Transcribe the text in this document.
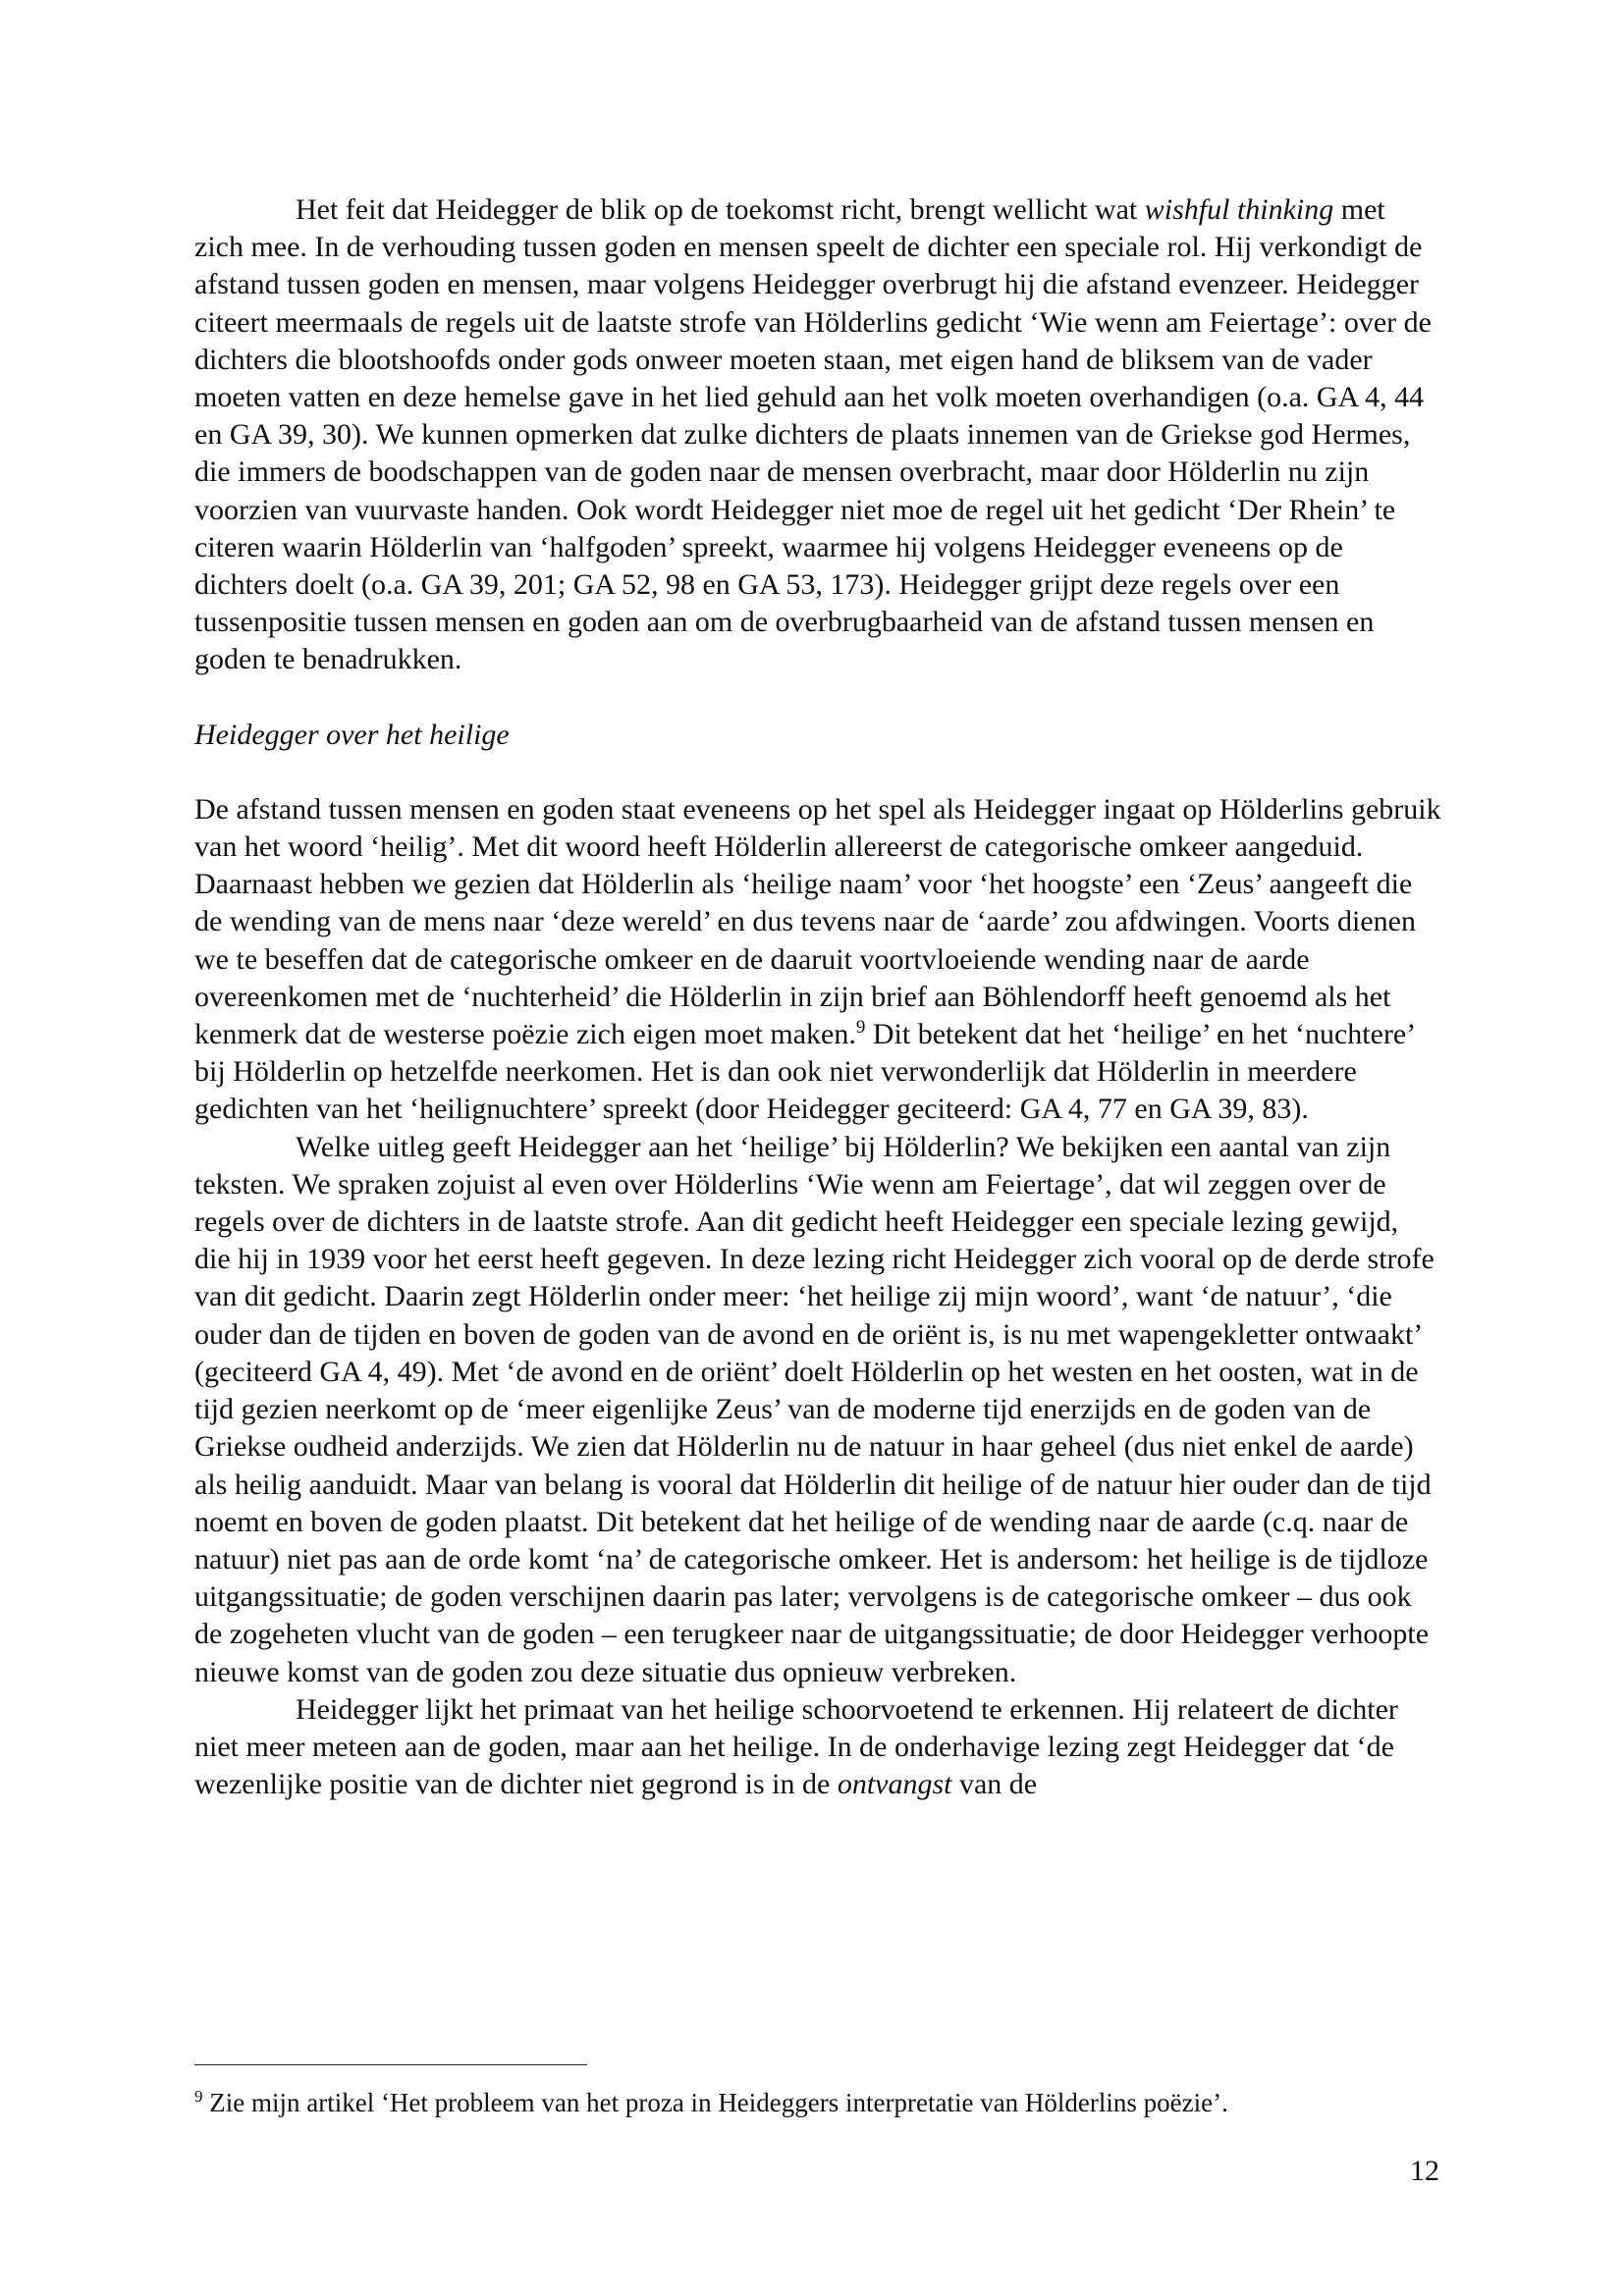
Het feit dat Heidegger de blik op de toekomst richt, brengt wellicht wat wishful thinking met zich mee. In de verhouding tussen goden en mensen speelt de dichter een speciale rol. Hij verkondigt de afstand tussen goden en mensen, maar volgens Heidegger overbrugt hij die afstand evenzeer. Heidegger citeert meermaals de regels uit de laatste strofe van Hölderlins gedicht ‘Wie wenn am Feiertage’: over de dichters die blootshoofds onder gods onweer moeten staan, met eigen hand de bliksem van de vader moeten vatten en deze hemelse gave in het lied gehuld aan het volk moeten overhandigen (o.a. GA 4, 44 en GA 39, 30). We kunnen opmerken dat zulke dichters de plaats innemen van de Griekse god Hermes, die immers de boodschappen van de goden naar de mensen overbracht, maar door Hölderlin nu zijn voorzien van vuurvaste handen. Ook wordt Heidegger niet moe de regel uit het gedicht ‘Der Rhein’ te citeren waarin Hölderlin van ‘halfgoden’ spreekt, waarmee hij volgens Heidegger eveneens op de dichters doelt (o.a. GA 39, 201; GA 52, 98 en GA 53, 173). Heidegger grijpt deze regels over een tussenpositie tussen mensen en goden aan om de overbrugbaarheid van de afstand tussen mensen en goden te benadrukken.

Heidegger over het heilige

De afstand tussen mensen en goden staat eveneens op het spel als Heidegger ingaat op Hölderlins gebruik van het woord ‘heilig’. Met dit woord heeft Hölderlin allereerst de categorische omkeer aangeduid. Daarnaast hebben we gezien dat Hölderlin als ‘heilige naam’ voor ‘het hoogste’ een ‘Zeus’ aangeeft die de wending van de mens naar ‘deze wereld’ en dus tevens naar de ‘aarde’ zou afdwingen. Voorts dienen we te beseffen dat de categorische omkeer en de daaruit voortvloeiende wending naar de aarde overeenkomen met de ‘nuchterheid’ die Hölderlin in zijn brief aan Böhlendorff heeft genoemd als het kenmerk dat de westerse poëzie zich eigen moet maken.$^9$ Dit betekent dat het ‘heilige’ en het ‘nuchtere’ bij Hölderlin op hetzelfde neerkomen. Het is dan ook niet verwonderlijk dat Hölderlin in meerdere gedichten van het ‘heilignuchtere’ spreekt (door Heidegger geciteerd: GA 4, 77 en GA 39, 83).

Welke uitleg geeft Heidegger aan het ‘heilige’ bij Hölderlin? We bekijken een aantal van zijn teksten. We spraken zojuist al even over Hölderlins ‘Wie wenn am Feiertage’, dat wil zeggen over de regels over de dichters in de laatste strofe. Aan dit gedicht heeft Heidegger een speciale lezing gewijd, die hij in 1939 voor het eerst heeft gegeven. In deze lezing richt Heidegger zich vooral op de derde strofe van dit gedicht. Daarin zegt Hölderlin onder meer: ‘het heilige zij mijn woord’, want ‘de natuur’, ‘die ouder dan de tijden en boven de goden van de avond en de oriënt is, is nu met wapengekletter ontwaakt’ (geciteerd GA 4, 49). Met ‘de avond en de oriënt’ doelt Hölderlin op het westen en het oosten, wat in de tijd gezien neerkomt op de ‘meer eigenlijke Zeus’ van de moderne tijd enerzijds en de goden van de Griekse oudheid anderzijds. We zien dat Hölderlin nu de natuur in haar geheel (dus niet enkel de aarde) als heilig aanduidt. Maar van belang is vooral dat Hölderlin dit heilige of de natuur hier ouder dan de tijd noemt en boven de goden plaatst. Dit betekent dat het heilige of de wending naar de aarde (c.q. naar de natuur) niet pas aan de orde komt ‘na’ de categorische omkeer. Het is andersom: het heilige is de tijdloze uitgangssituatie; de goden verschijnen daarin pas later; vervolgens is de categorische omkeer – dus ook de zogeheten vlucht van de goden – een terugkeer naar de uitgangssituatie; de door Heidegger verhoopte nieuwe komst van de goden zou deze situatie dus opnieuw verbreken.

Heidegger lijkt het primaat van het heilige schoorvoetend te erkennen. Hij relateert de dichter niet meer meteen aan de goden, maar aan het heilige. In de onderhavige lezing zegt Heidegger dat ‘de wezenlijke positie van de dichter niet gegrond is in de ontvangst van de

$^9$ Zie mijn artikel ‘Het probleem van het proza in Heideggers interpretatie van Hölderlins poëzie’.

12
